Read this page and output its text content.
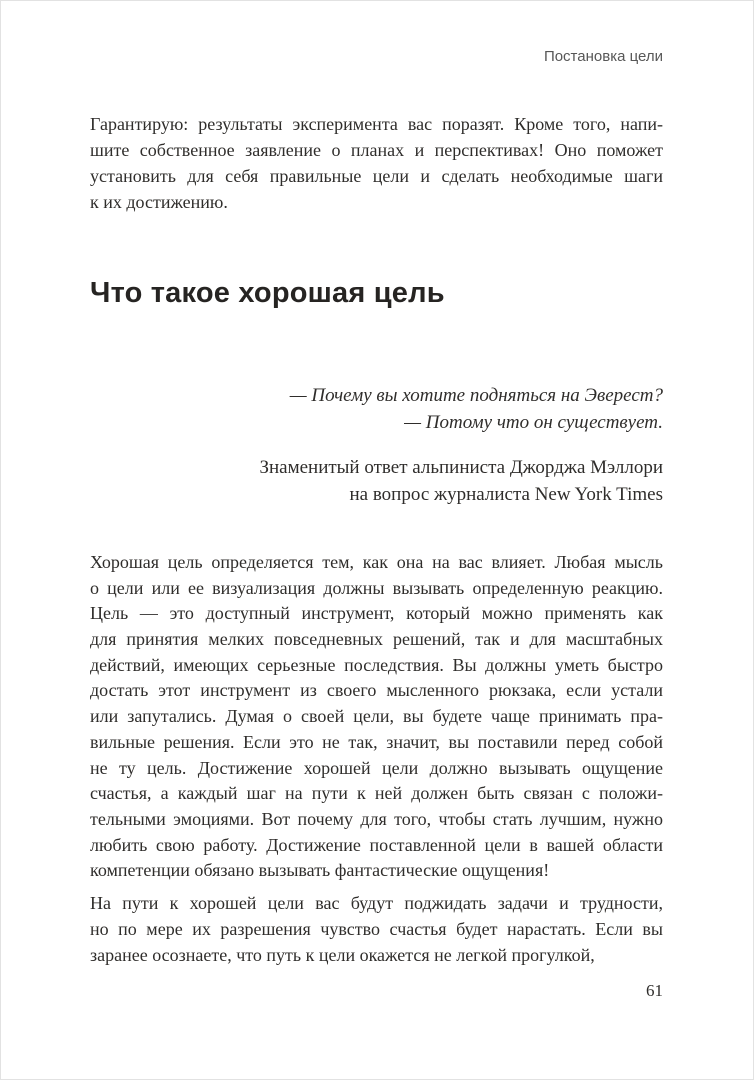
Постановка цели
Гарантирую: результаты эксперимента вас поразят. Кроме того, напи-
шите собственное заявление о планах и перспективах! Оно поможет
установить для себя правильные цели и сделать необходимые шаги
к их достижению.
Что такое хорошая цель
— Почему вы хотите подняться на Эверест?
— Потому что он существует.
Знаменитый ответ альпиниста Джорджа Мэллори
на вопрос журналиста New York Times
Хорошая цель определяется тем, как она на вас влияет. Любая мысль
о цели или ее визуализация должны вызывать определенную реакцию.
Цель — это доступный инструмент, который можно применять как
для принятия мелких повседневных решений, так и для масштабных
действий, имеющих серьезные последствия. Вы должны уметь быстро
достать этот инструмент из своего мысленного рюкзака, если устали
или запутались. Думая о своей цели, вы будете чаще принимать пра-
вильные решения. Если это не так, значит, вы поставили перед собой
не ту цель. Достижение хорошей цели должно вызывать ощущение
счастья, а каждый шаг на пути к ней должен быть связан с положи-
тельными эмоциями. Вот почему для того, чтобы стать лучшим, нужно
любить свою работу. Достижение поставленной цели в вашей области
компетенции обязано вызывать фантастические ощущения!
На пути к хорошей цели вас будут поджидать задачи и трудности,
но по мере их разрешения чувство счастья будет нарастать. Если вы
заранее осознаете, что путь к цели окажется не легкой прогулкой,
61
